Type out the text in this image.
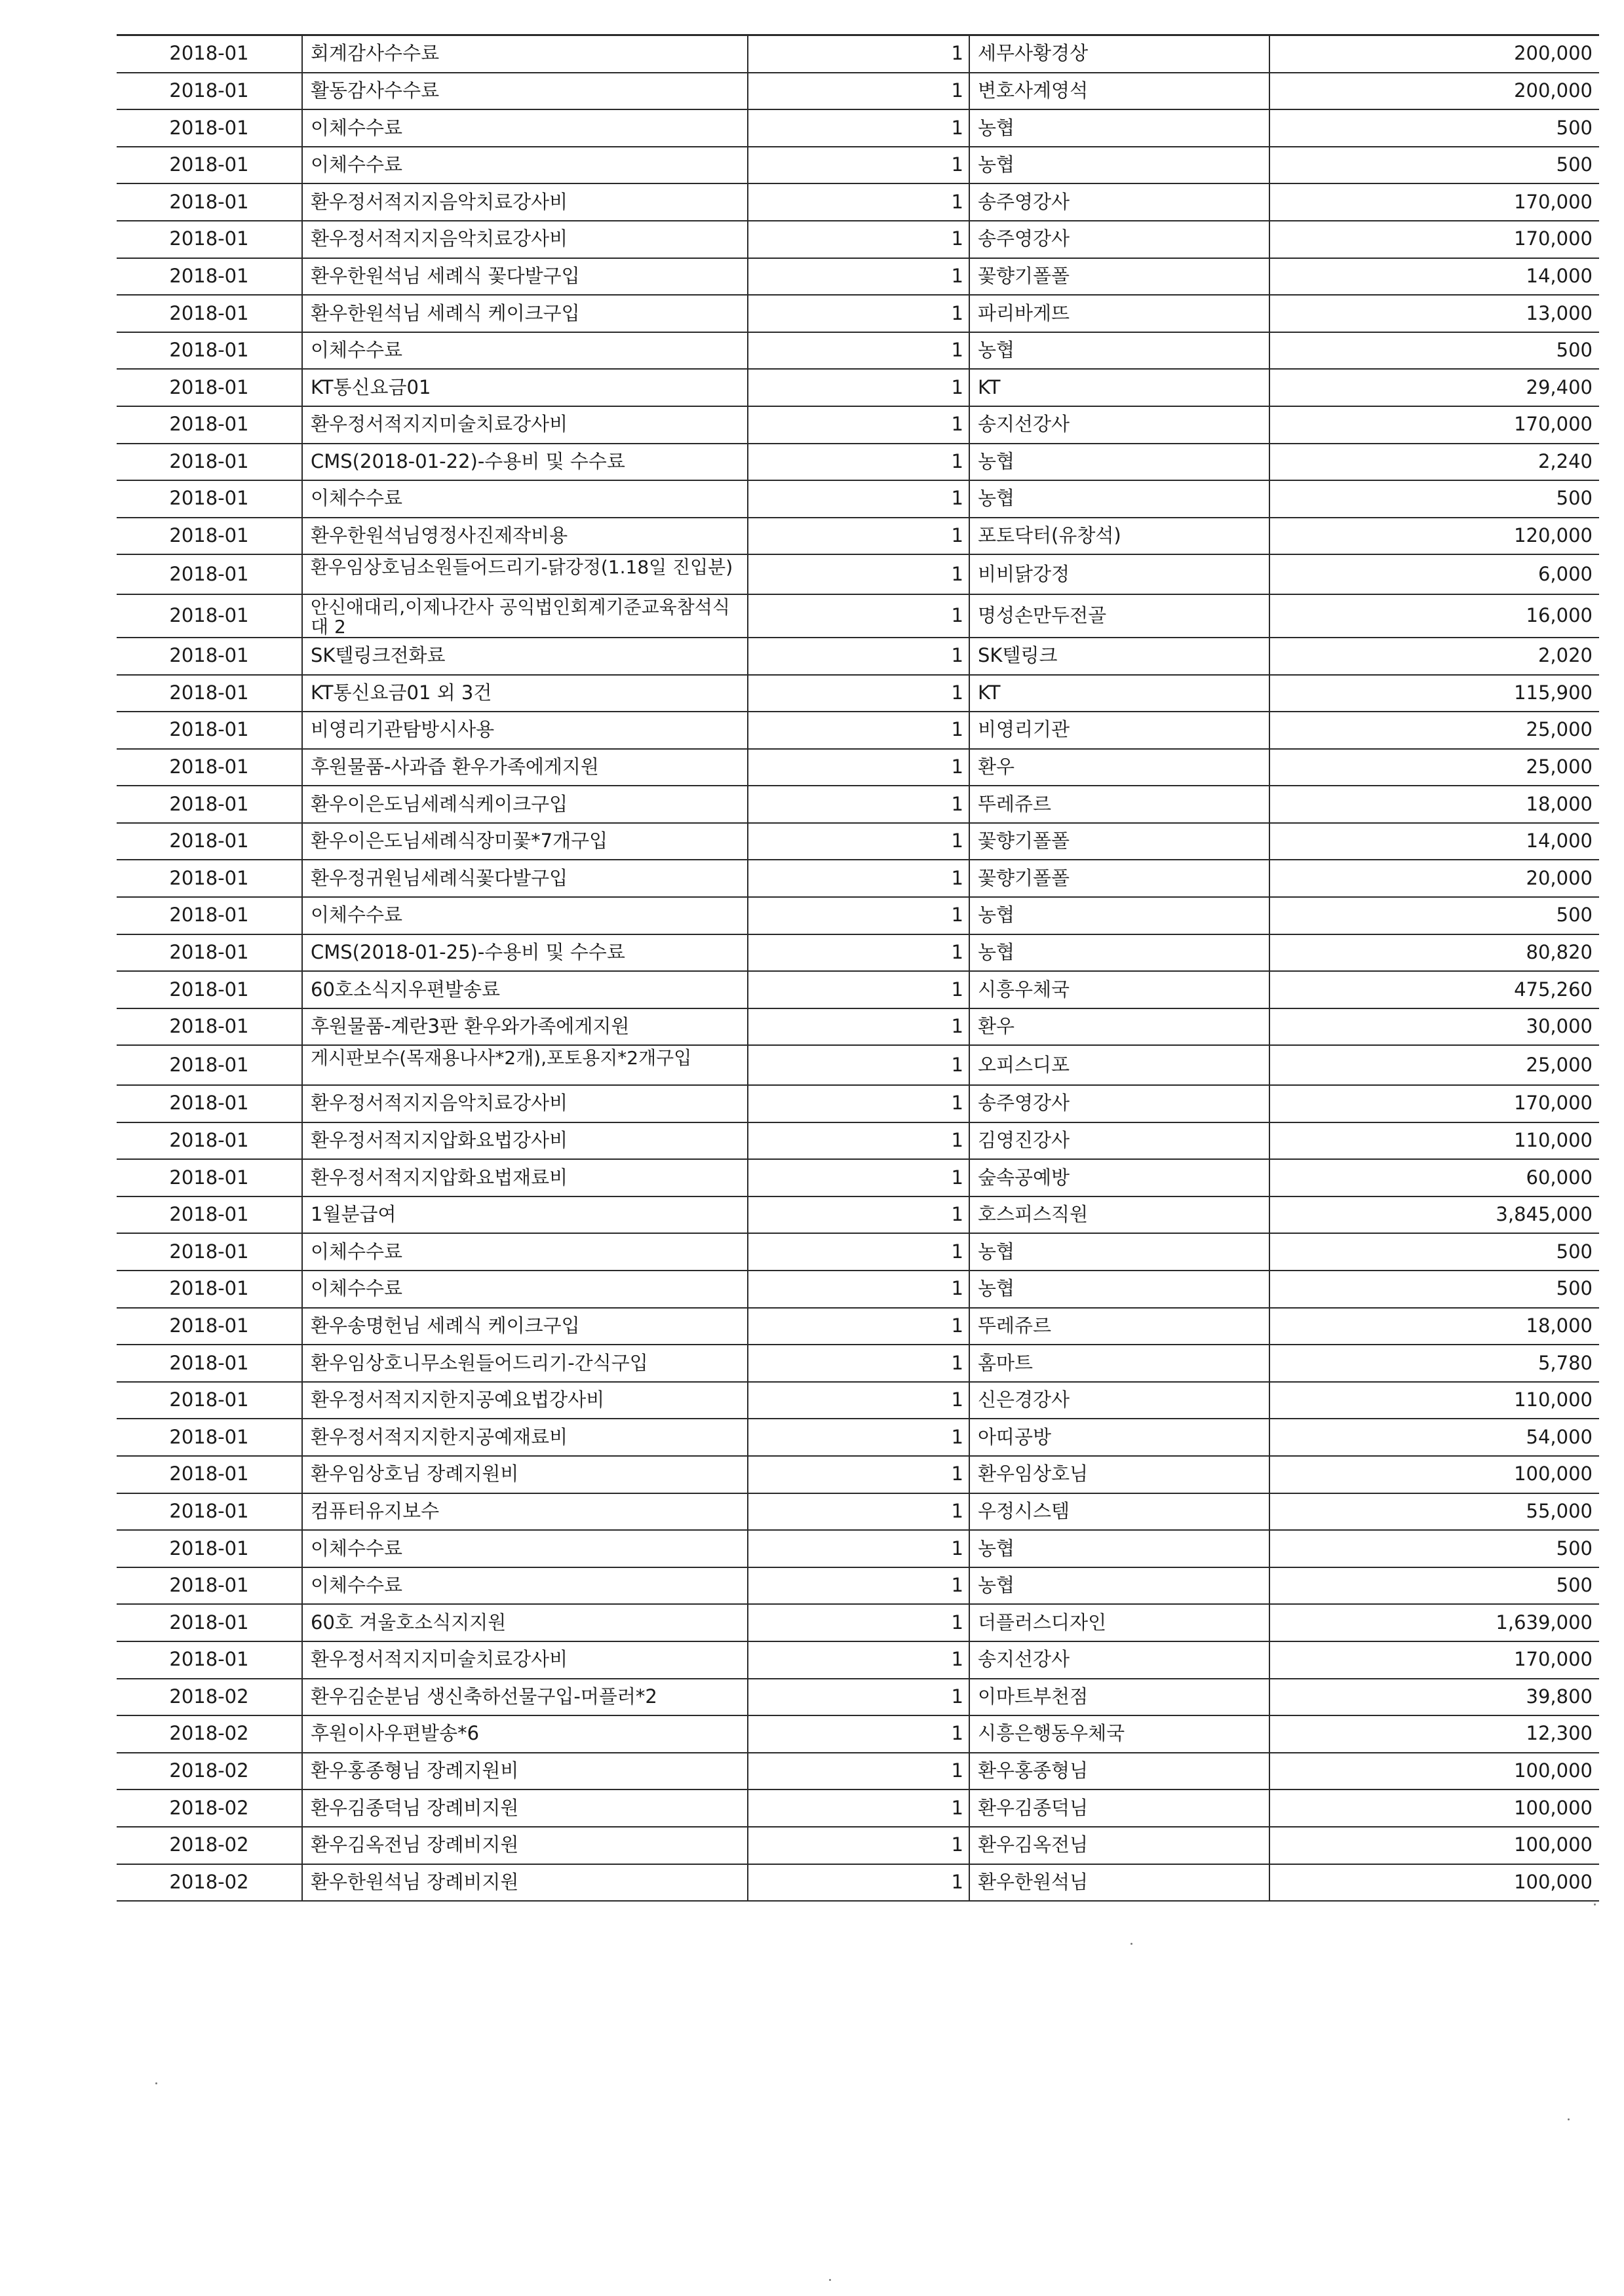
2018-01	회계감사수수료	1	세무사황경상	200,000
2018-01	활동감사수수료	1	변호사계영석	200,000
2018-01	이체수수료	1	농협	500
2018-01	이체수수료	1	농협	500
2018-01	환우정서적지지음악치료강사비	1	송주영강사	170,000
2018-01	환우정서적지지음악치료강사비	1	송주영강사	170,000
2018-01	환우한원석님 세례식 꽃다발구입	1	꽃향기폴폴	14,000
2018-01	환우한원석님 세례식 케이크구입	1	파리바게뜨	13,000
2018-01	이체수수료	1	농협	500
2018-01	KT통신요금01	1	KT	29,400
2018-01	환우정서적지지미술치료강사비	1	송지선강사	170,000
2018-01	CMS(2018-01-22)-수용비 및 수수료	1	농협	2,240
2018-01	이체수수료	1	농협	500
2018-01	환우한원석님영정사진제작비용	1	포토닥터(유창석)	120,000
2018-01	환우임상호님소원들어드리기-닭강정(1.18일 진입분)	1	비비닭강정	6,000
2018-01	안신애대리,이제나간사 공익법인회계기준교육참석식대 2	1	명성손만두전골	16,000
2018-01	SK텔링크전화료	1	SK텔링크	2,020
2018-01	KT통신요금01 외 3건	1	KT	115,900
2018-01	비영리기관탐방시사용	1	비영리기관	25,000
2018-01	후원물품-사과즙 환우가족에게지원	1	환우	25,000
2018-01	환우이은도님세례식케이크구입	1	뚜레쥬르	18,000
2018-01	환우이은도님세례식장미꽃*7개구입	1	꽃향기폴폴	14,000
2018-01	환우정귀원님세례식꽃다발구입	1	꽃향기폴폴	20,000
2018-01	이체수수료	1	농협	500
2018-01	CMS(2018-01-25)-수용비 및 수수료	1	농협	80,820
2018-01	60호소식지우편발송료	1	시흥우체국	475,260
2018-01	후원물품-계란3판 환우와가족에게지원	1	환우	30,000
2018-01	게시판보수(목재용나사*2개),포토용지*2개구입	1	오피스디포	25,000
2018-01	환우정서적지지음악치료강사비	1	송주영강사	170,000
2018-01	환우정서적지지압화요법강사비	1	김영진강사	110,000
2018-01	환우정서적지지압화요법재료비	1	숲속공예방	60,000
2018-01	1월분급여	1	호스피스직원	3,845,000
2018-01	이체수수료	1	농협	500
2018-01	이체수수료	1	농협	500
2018-01	환우송명헌님 세례식 케이크구입	1	뚜레쥬르	18,000
2018-01	환우임상호니무소원들어드리기-간식구입	1	홈마트	5,780
2018-01	환우정서적지지한지공예요법강사비	1	신은경강사	110,000
2018-01	환우정서적지지한지공예재료비	1	아띠공방	54,000
2018-01	환우임상호님 장례지원비	1	환우임상호님	100,000
2018-01	컴퓨터유지보수	1	우정시스템	55,000
2018-01	이체수수료	1	농협	500
2018-01	이체수수료	1	농협	500
2018-01	60호 겨울호소식지지원	1	더플러스디자인	1,639,000
2018-01	환우정서적지지미술치료강사비	1	송지선강사	170,000
2018-02	환우김순분님 생신축하선물구입-머플러*2	1	이마트부천점	39,800
2018-02	후원이사우편발송*6	1	시흥은행동우체국	12,300
2018-02	환우홍종형님 장례지원비	1	환우홍종형님	100,000
2018-02	환우김종덕님 장례비지원	1	환우김종덕님	100,000
2018-02	환우김옥전님 장례비지원	1	환우김옥전님	100,000
2018-02	환우한원석님 장례비지원	1	환우한원석님	100,000
